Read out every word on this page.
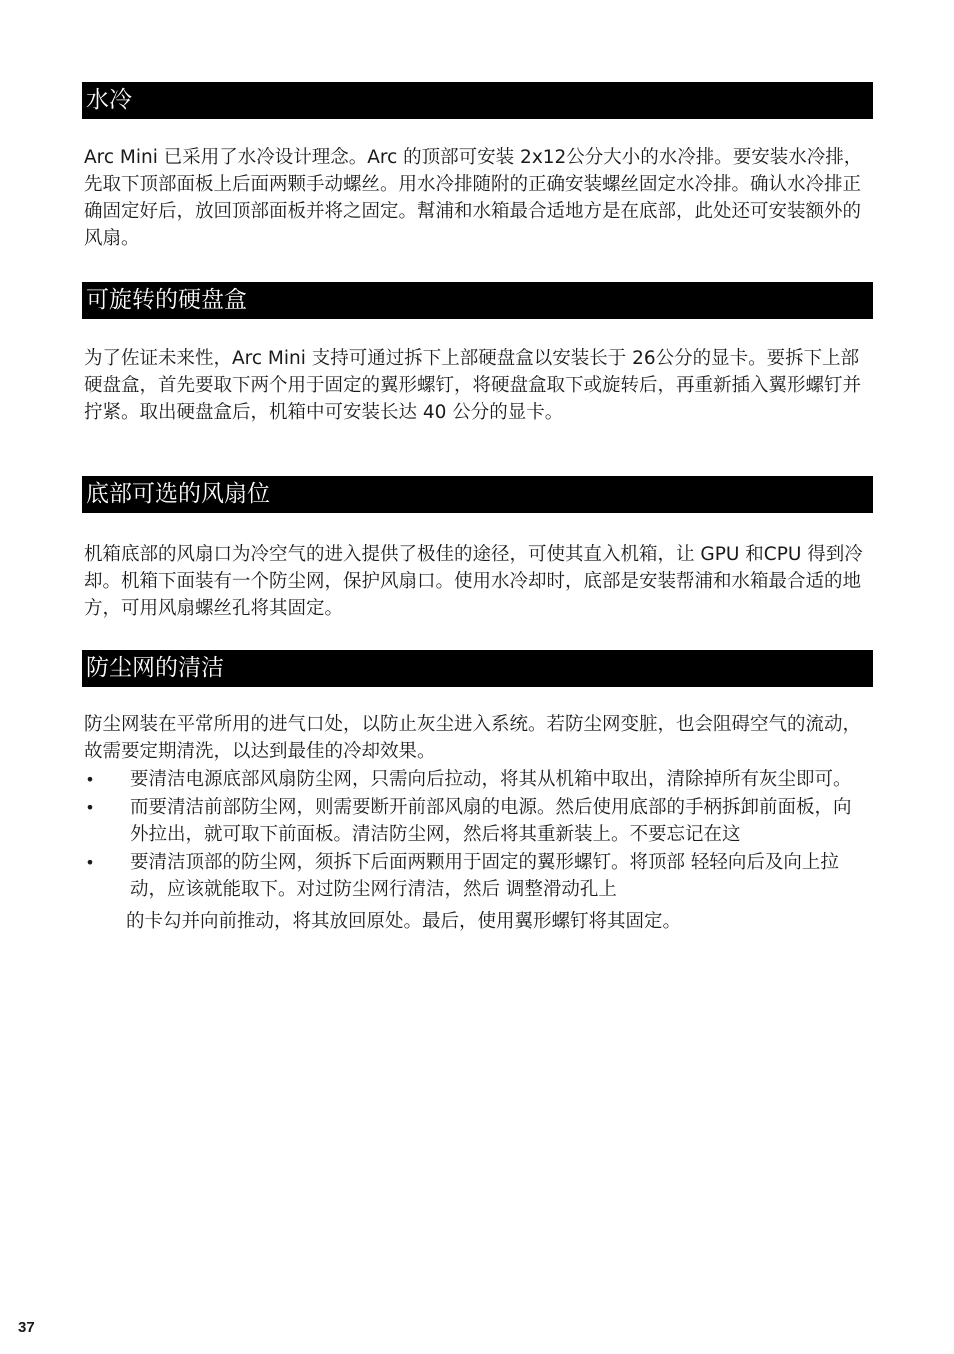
水冷

Arc Mini 已采用了水冷设计理念。Arc 的顶部可安装 2x12公分大小的水冷排。要安装水冷排，先取下顶部面板上后面两颗手动螺丝。用水冷排随附的正确安装螺丝固定水冷排。确认水冷排正确固定好后，放回顶部面板并将之固定。幫浦和水箱最合适地方是在底部，此处还可安装额外的风扇。

可旋转的硬盘盒

为了佐证未来性，Arc Mini 支持可通过拆下上部硬盘盒以安装长于 26公分的显卡。要拆下上部硬盘盒，首先要取下两个用于固定的翼形螺钉，将硬盘盒取下或旋转后，再重新插入翼形螺钉并拧紧。取出硬盘盒后，机箱中可安装长达 40 公分的显卡。

底部可选的风扇位

机箱底部的风扇口为冷空气的进入提供了极佳的途径，可使其直入机箱，让 GPU 和CPU 得到冷却。机箱下面装有一个防尘网，保护风扇口。使用水冷却时，底部是安装帮浦和水箱最合适的地方，可用风扇螺丝孔将其固定。

防尘网的清洁

防尘网装在平常所用的进气口处，以防止灰尘进入系统。若防尘网变脏，也会阻碍空气的流动，故需要定期清洗，以达到最佳的冷却效果。

• 要清洁电源底部风扇防尘网，只需向后拉动，将其从机箱中取出，清除掉所有灰尘即可。
• 而要清洁前部防尘网，则需要断开前部风扇的电源。然后使用底部的手柄拆卸前面板，向外拉出，就可取下前面板。清洁防尘网，然后将其重新装上。不要忘记在这
• 要清洁顶部的防尘网，须拆下后面两颗用于固定的翼形螺钉。将顶部 轻轻向后及向上拉动，应该就能取下。对过防尘网行清洁，然后 调整滑动孔上
的卡勾并向前推动，将其放回原处。最后，使用翼形螺钉将其固定。
37
